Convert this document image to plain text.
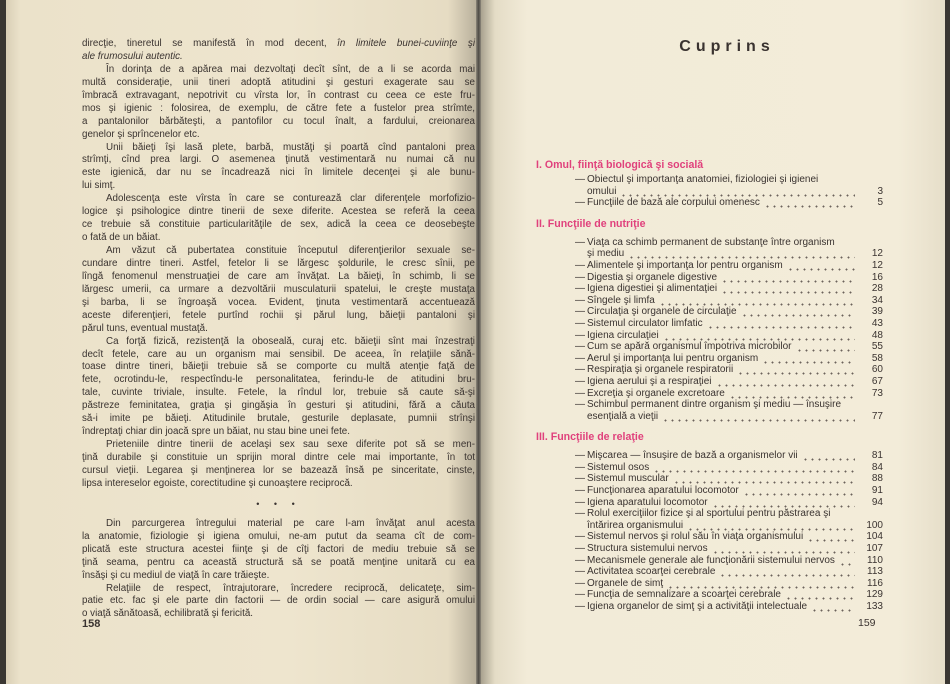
direcţie, tineretul se manifestă în mod decent, în limitele bunei-cuviinţe şi
ale frumosului autentic.
În dorinţa de a apărea mai dezvoltaţi decît sînt, de a li se acorda mai
multă consideraţie, unii tineri adoptă atitudini şi gesturi exagerate sau se
îmbracă extravagant, nepotrivit cu vîrsta lor, în contrast cu ceea ce este fru-
mos şi igienic : folosirea, de exemplu, de către fete a fustelor prea strîmte,
a pantalonilor bărbăteşti, a pantofilor cu tocul înalt, a fardului, creionarea
genelor şi sprîncenelor etc.
Unii băieţi îşi lasă plete, barbă, mustăţi şi poartă cînd pantaloni prea
strîmţi, cînd prea largi. O asemenea ţinută vestimentară nu numai că nu
este igienică, dar nu se încadrează nici în limitele decenţei şi ale bunu-
lui simţ.
Adolescenţa este vîrsta în care se conturează clar diferenţele morfofizio-
logice şi psihologice dintre tinerii de sexe diferite. Acestea se referă la ceea
ce trebuie să constituie particularităţile de sex, adică la ceea ce deosebeşte
o fată de un băiat.
Am văzut că pubertatea constituie începutul diferenţierilor sexuale se-
cundare dintre tineri. Astfel, fetelor li se lărgesc şoldurile, le cresc sînii, pe
lîngă fenomenul menstruaţiei de care am învăţat. La băieţi, în schimb, li se
lărgesc umerii, ca urmare a dezvoltării musculaturii spatelui, le creşte mustaţa
şi barba, li se îngroaşă vocea. Evident, ţinuta vestimentară accentuează
aceste diferenţieri, fetele purtînd rochii şi părul lung, băieţii pantaloni şi
părul tuns, eventual mustaţă.
Ca forţă fizică, rezistenţă la oboseală, curaj etc. băieţii sînt mai înzestraţi
decît fetele, care au un organism mai sensibil. De aceea, în relaţiile sănă-
toase dintre tineri, băieţii trebuie să se comporte cu multă atenţie faţă de
fete, ocrotindu-le, respectîndu-le personalitatea, ferindu-le de atitudini bru-
tale, cuvinte triviale, insulte. Fetele, la rîndul lor, trebuie să caute să-şi
păstreze feminitatea, graţia şi gingăşia în gesturi şi atitudini, fără a căuta
să-i imite pe băieţi. Atitudinile brutale, gesturile deplasate, pumnii strînşi
îndreptaţi chiar din joacă spre un băiat, nu stau bine unei fete.
Prieteniile dintre tinerii de acelaşi sex sau sexe diferite pot să se men-
ţină durabile şi constituie un sprijin moral dintre cele mai importante, în tot
cursul vieţii. Legarea şi menţinerea lor se bazează însă pe sinceritate, cinste,
lipsa intereselor egoiste, corectitudine şi cunoaştere reciprocă.
• • •
Din parcurgerea întregului material pe care l-am învăţat anul acesta
la anatomie, fiziologie şi igiena omului, ne-am putut da seama cît de com-
plicată este structura acestei fiinţe şi de cîţi factori de mediu trebuie să se
ţină seama, pentru ca această structură să se poată menţine unitară cu ea
însăşi şi cu mediul de viaţă în care trăieşte.
Relaţiile de respect, întrajutorare, încredere reciprocă, delicateţe, sim-
patie etc. fac şi ele parte din factorii — de ordin social — care asigură omului
o viaţă sănătoasă, echilibrată şi fericită.
158
Cuprins
I. Omul, fiinţă biologică şi socială
— Obiectul şi importanţa anatomiei, fiziologiei şi igienei
omului	3
— Funcţiile de bază ale corpului omenesc	5
II. Funcţiile de nutriţie
— Viaţa ca schimb permanent de substanţe între organism
şi mediu	12
— Alimentele şi importanţa lor pentru organism	12
— Digestia şi organele digestive	16
— Igiena digestiei şi alimentaţiei	28
— Sîngele şi limfa	34
— Circulaţia şi organele de circulaţie	39
— Sistemul circulator limfatic	43
— Igiena circulaţiei	48
— Cum se apără organismul împotriva microbilor	55
— Aerul şi importanţa lui pentru organism	58
— Respiraţia şi organele respiratorii	60
— Igiena aerului şi a respiraţiei	67
— Excreţia şi organele excretoare	73
— Schimbul permanent dintre organism şi mediu — însuşire
esenţială a vieţii	77
III. Funcţiile de relaţie
— Mişcarea — însuşire de bază a organismelor vii	81
— Sistemul osos	84
— Sistemul muscular	88
— Funcţionarea aparatului locomotor	91
— Igiena aparatului locomotor	94
— Rolul exerciţiilor fizice şi al sportului pentru păstrarea şi
întărirea organismului	100
— Sistemul nervos şi rolul său în viaţa organismului	104
— Structura sistemului nervos	107
— Mecanismele generale ale funcţionării sistemului nervos	110
— Activitatea scoarţei cerebrale	113
— Organele de simţ	116
— Funcţia de semnalizare a scoarţei cerebrale	129
— Igiena organelor de simţ şi a activităţii intelectuale	133
159
